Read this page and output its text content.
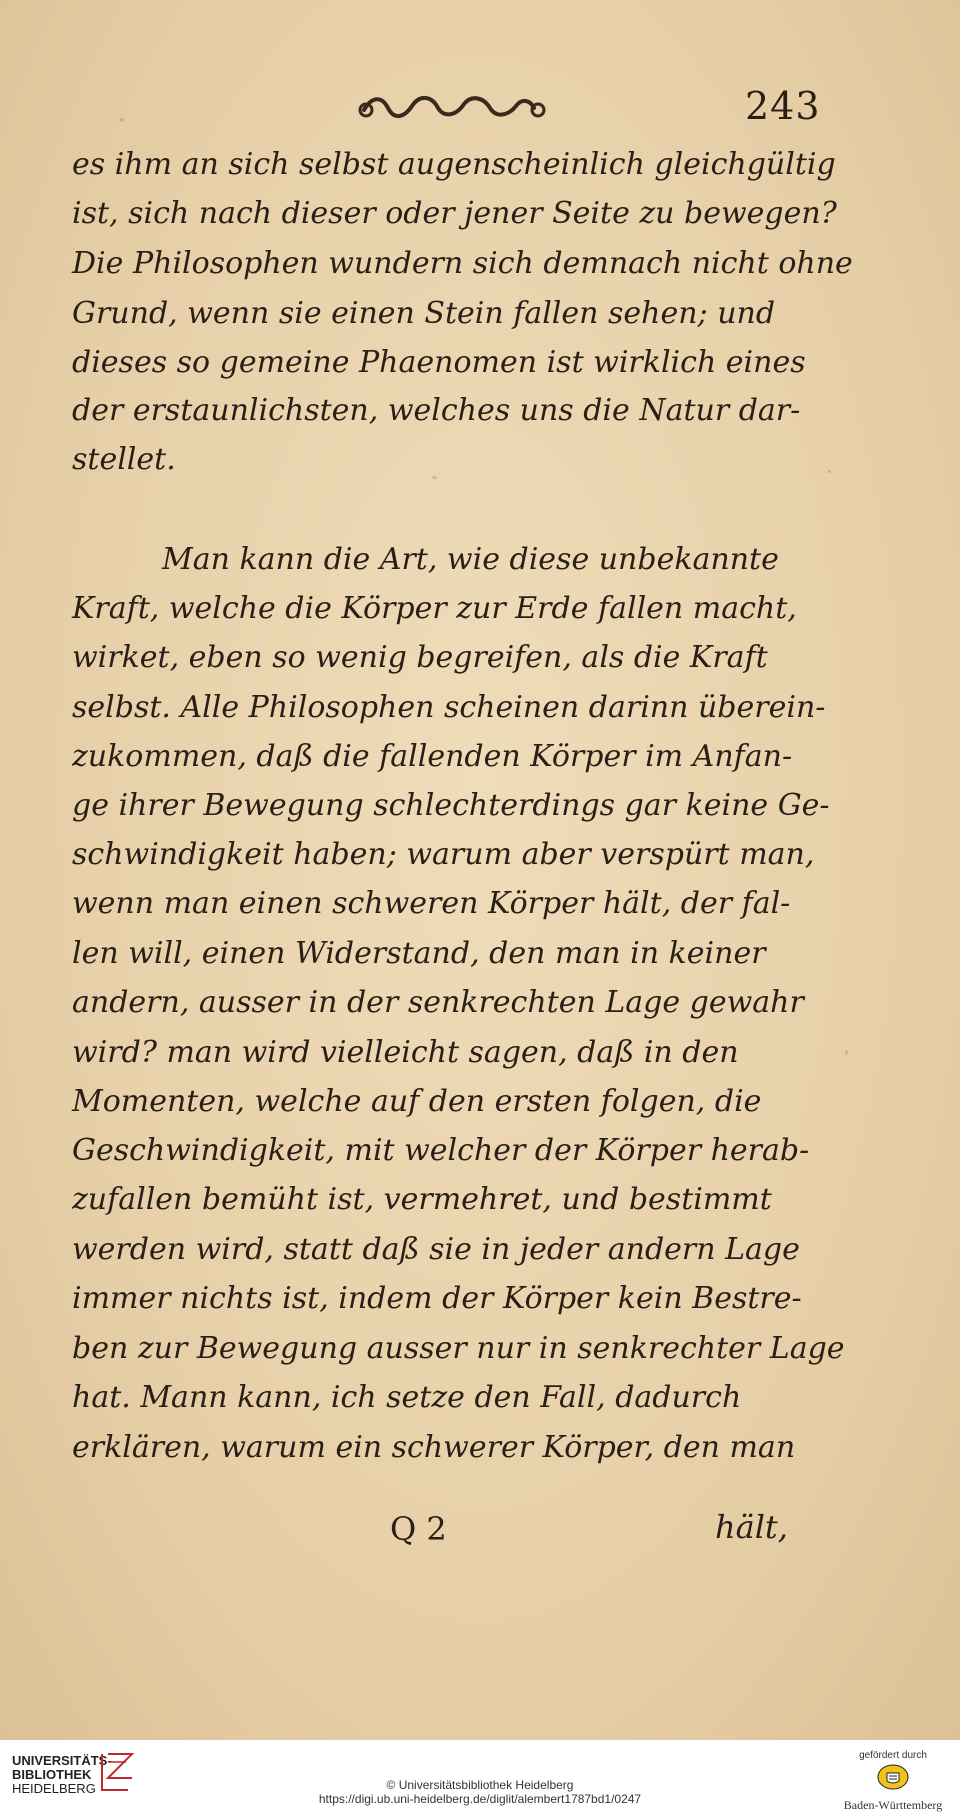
243
es ihm an sich selbst augenscheinlich gleichgültig
ist, sich nach dieser oder jener Seite zu bewegen?
Die Philosophen wundern sich demnach nicht ohne
Grund, wenn sie einen Stein fallen sehen; und
dieses so gemeine Phaenomen ist wirklich eines
der erstaunlichsten, welches uns die Natur dar-
stellet.
Man kann die Art, wie diese unbekannte
Kraft, welche die Körper zur Erde fallen macht,
wirket, eben so wenig begreifen, als die Kraft
selbst. Alle Philosophen scheinen darinn überein-
zukommen, daß die fallenden Körper im Anfan-
ge ihrer Bewegung schlechterdings gar keine Ge-
schwindigkeit haben; warum aber verspürt man,
wenn man einen schweren Körper hält, der fal-
len will, einen Widerstand, den man in keiner
andern, ausser in der senkrechten Lage gewahr
wird? man wird vielleicht sagen, daß in den
Momenten, welche auf den ersten folgen, die
Geschwindigkeit, mit welcher der Körper herab-
zufallen bemüht ist, vermehret, und bestimmt
werden wird, statt daß sie in jeder andern Lage
immer nichts ist, indem der Körper kein Bestre-
ben zur Bewegung ausser nur in senkrechter Lage
hat. Mann kann, ich setze den Fall, dadurch
erklären, warum ein schwerer Körper, den man
Q 2	hält,
UNIVERSITÄTS-
BIBLIOTHEK
HEIDELBERG	© Universitätsbibliothek Heidelberg
https://digi.ub.uni-heidelberg.de/diglit/alembert1787bd1/0247
gefördert durch
Baden-Württemberg
